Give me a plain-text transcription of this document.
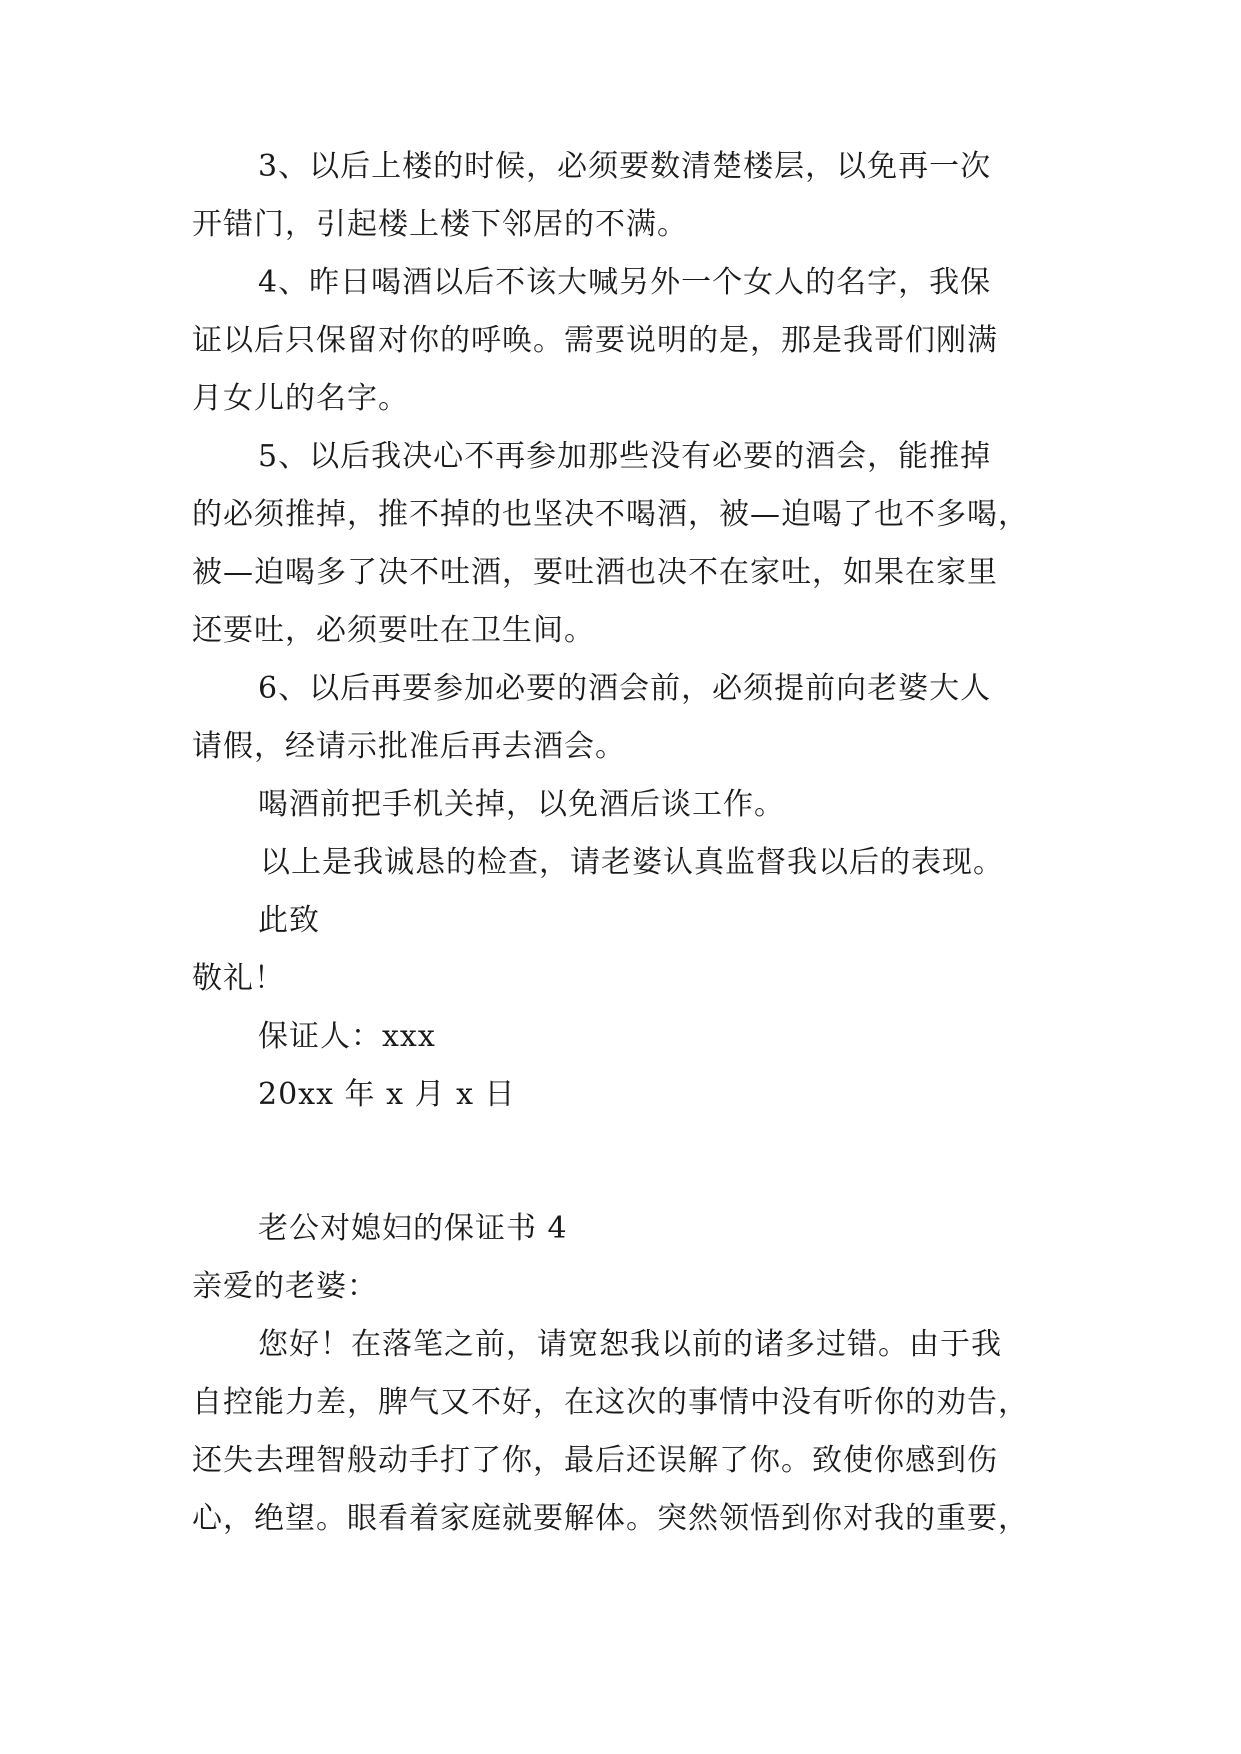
3、以后上楼的时候，必须要数清楚楼层，以免再一次
开错门，引起楼上楼下邻居的不满。
4、昨日喝酒以后不该大喊另外一个女人的名字，我保
证以后只保留对你的呼唤。需要说明的是，那是我哥们刚满
月女儿的名字。
5、以后我决心不再参加那些没有必要的酒会，能推掉
的必须推掉，推不掉的也坚决不喝酒，被—迫喝了也不多喝，
被—迫喝多了决不吐酒，要吐酒也决不在家吐，如果在家里
还要吐，必须要吐在卫生间。
6、以后再要参加必要的酒会前，必须提前向老婆大人
请假，经请示批准后再去酒会。
喝酒前把手机关掉，以免酒后谈工作。
以上是我诚恳的检查，请老婆认真监督我以后的表现。
此致
敬礼！
保证人：xxx
20xx 年 x 月 x 日
老公对媳妇的保证书 4
亲爱的老婆：
您好！在落笔之前，请宽恕我以前的诸多过错。由于我
自控能力差，脾气又不好，在这次的事情中没有听你的劝告，
还失去理智般动手打了你，最后还误解了你。致使你感到伤
心，绝望。眼看着家庭就要解体。突然领悟到你对我的重要，
